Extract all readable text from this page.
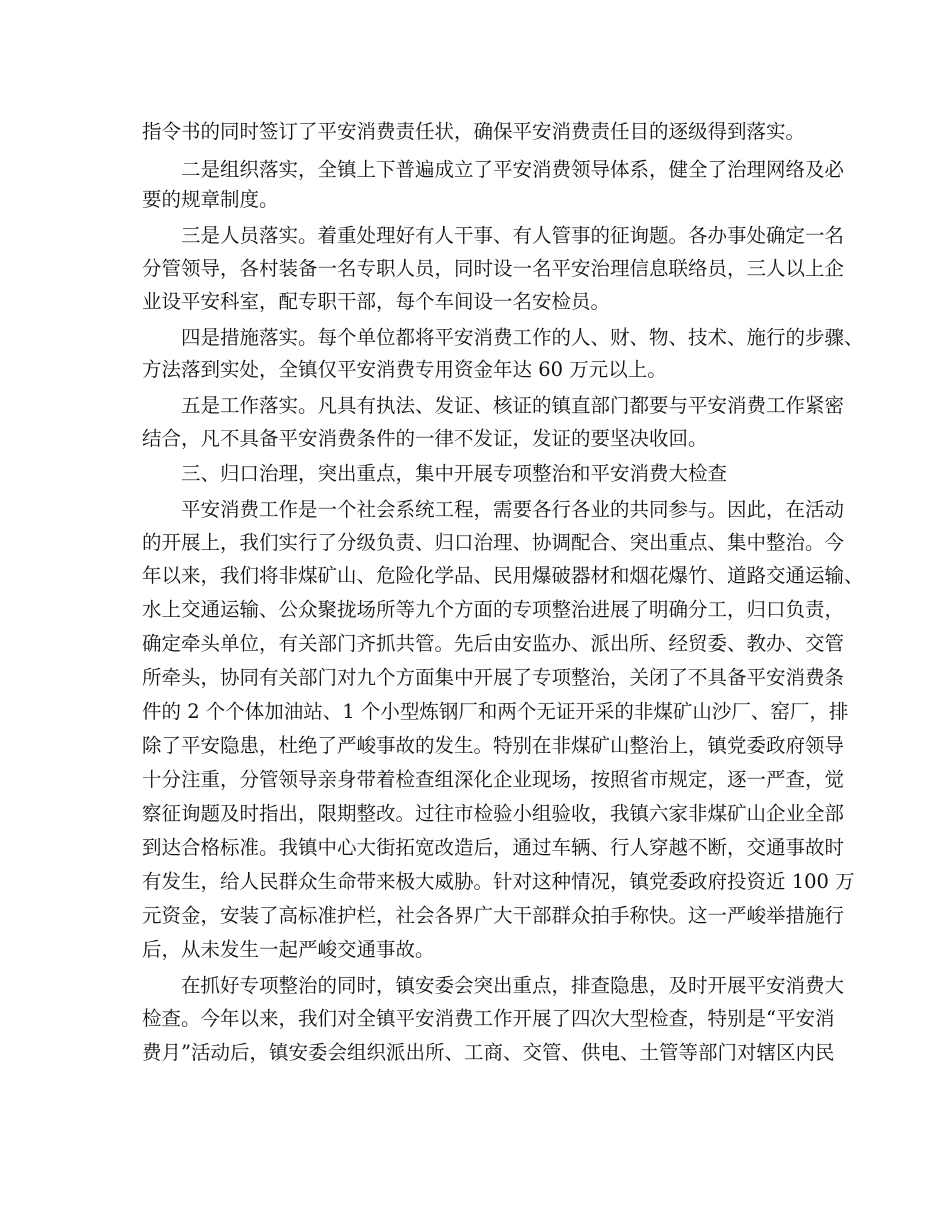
指令书的同时签订了平安消费责任状，确保平安消费责任目的逐级得到落实。
二是组织落实，全镇上下普遍成立了平安消费领导体系，健全了治理网络及必
要的规章制度。
三是人员落实。着重处理好有人干事、有人管事的征询题。各办事处确定一名
分管领导，各村装备一名专职人员，同时设一名平安治理信息联络员，三人以上企
业设平安科室，配专职干部，每个车间设一名安检员。
四是措施落实。每个单位都将平安消费工作的人、财、物、技术、施行的步骤、
方法落到实处，全镇仅平安消费专用资金年达 60 万元以上。
五是工作落实。凡具有执法、发证、核证的镇直部门都要与平安消费工作紧密
结合，凡不具备平安消费条件的一律不发证，发证的要坚决收回。
三、归口治理，突出重点，集中开展专项整治和平安消费大检查
平安消费工作是一个社会系统工程，需要各行各业的共同参与。因此，在活动
的开展上，我们实行了分级负责、归口治理、协调配合、突出重点、集中整治。今
年以来，我们将非煤矿山、危险化学品、民用爆破器材和烟花爆竹、道路交通运输、
水上交通运输、公众聚拢场所等九个方面的专项整治进展了明确分工，归口负责，
确定牵头单位，有关部门齐抓共管。先后由安监办、派出所、经贸委、教办、交管
所牵头，协同有关部门对九个方面集中开展了专项整治，关闭了不具备平安消费条
件的 2 个个体加油站、1 个小型炼钢厂和两个无证开采的非煤矿山沙厂、窑厂，排
除了平安隐患，杜绝了严峻事故的发生。特别在非煤矿山整治上，镇党委政府领导
十分注重，分管领导亲身带着检查组深化企业现场，按照省市规定，逐一严查，觉
察征询题及时指出，限期整改。过往市检验小组验收，我镇六家非煤矿山企业全部
到达合格标准。我镇中心大街拓宽改造后，通过车辆、行人穿越不断，交通事故时
有发生，给人民群众生命带来极大威胁。针对这种情况，镇党委政府投资近 100 万
元资金，安装了高标准护栏，社会各界广大干部群众拍手称快。这一严峻举措施行
后，从未发生一起严峻交通事故。
在抓好专项整治的同时，镇安委会突出重点，排查隐患，及时开展平安消费大
检查。今年以来，我们对全镇平安消费工作开展了四次大型检查，特别是“平安消
费月”活动后，镇安委会组织派出所、工商、交管、供电、土管等部门对辖区内民
